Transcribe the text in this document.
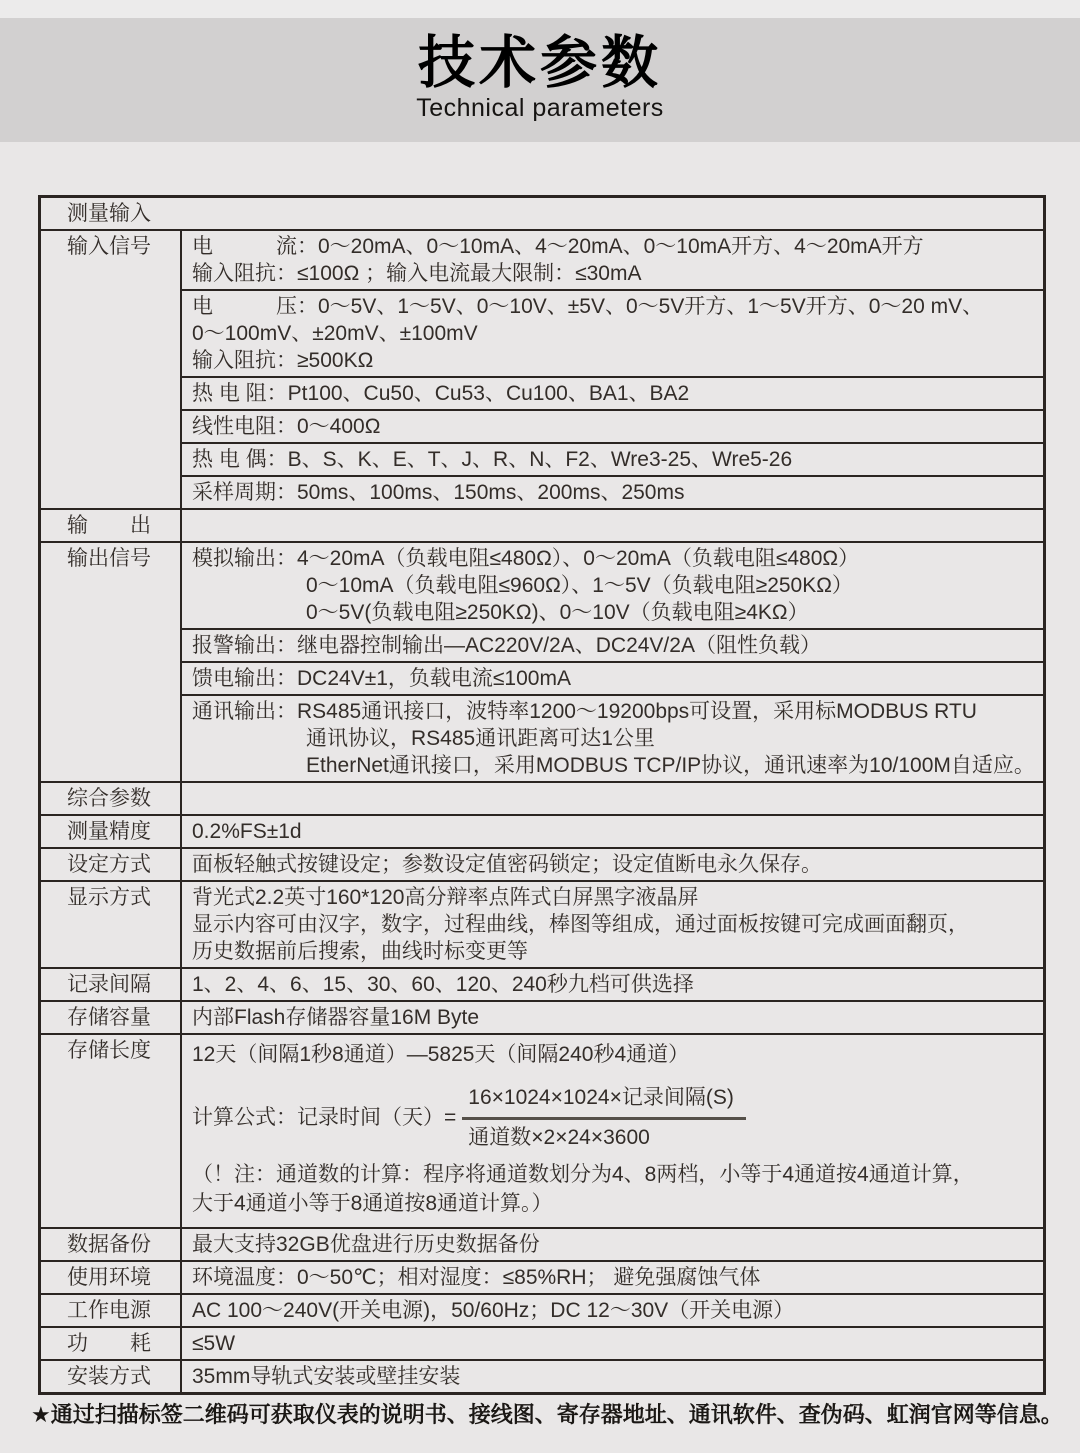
技术参数
Technical parameters
测量输入
输入信号	电　　　流：0～20mA、0～10mA、4～20mA、0～10mA开方、4～20mA开方
输入阻抗：≤100Ω ；输入电流最大限制：≤30mA
电　　　压：0～5V、1～5V、0～10V、±5V、0～5V开方、1～5V开方、0～20 mV、
0～100mV、±20mV、±100mV
输入阻抗：≥500KΩ
热 电 阻：Pt100、Cu50、Cu53、Cu100、BA1、BA2
线性电阻：0～400Ω
热 电 偶：B、S、K、E、T、J、R、N、F2、Wre3-25、Wre5-26
采样周期：50ms、100ms、150ms、200ms、250ms
输　　出
输出信号	模拟输出：4～20mA（负载电阻≤480Ω）、0～20mA（负载电阻≤480Ω）
0～10mA（负载电阻≤960Ω）、1～5V（负载电阻≥250KΩ）
0～5V(负载电阻≥250KΩ)、0～10V（负载电阻≥4KΩ）
报警输出：继电器控制输出—AC220V/2A、DC24V/2A（阻性负载）
馈电输出：DC24V±1，负载电流≤100mA
通讯输出：RS485通讯接口，波特率1200～19200bps可设置，采用标MODBUS RTU
通讯协议，RS485通讯距离可达1公里
EtherNet通讯接口，采用MODBUS TCP/IP协议，通讯速率为10/100M自适应。
综合参数
测量精度	0.2%FS±1d
设定方式	面板轻触式按键设定；参数设定值密码锁定；设定值断电永久保存。
显示方式	背光式2.2英寸160*120高分辩率点阵式白屏黑字液晶屏
显示内容可由汉字，数字，过程曲线，棒图等组成，通过面板按键可完成画面翻页，
历史数据前后搜索，曲线时标变更等
记录间隔	1、2、4、6、15、30、60、120、240秒九档可供选择
存储容量	内部Flash存储器容量16M Byte
存储长度	12天（间隔1秒8通道）—5825天（间隔240秒4通道）
计算公式：记录时间（天）= $\frac{\text{16×1024×1024×记录间隔(S)}}{\text{通道数×2×24×3600}}$
（！注：通道数的计算：程序将通道数划分为4、8两档，小等于4通道按4通道计算，
大于4通道小等于8通道按8通道计算。）
数据备份	最大支持32GB优盘进行历史数据备份
使用环境	环境温度：0～50℃；相对湿度：≤85%RH； 避免强腐蚀气体
工作电源	AC 100～240V(开关电源)，50/60Hz；DC 12～30V（开关电源）
功　　耗	≤5W
安装方式	35mm导轨式安装或壁挂安装
★通过扫描标签二维码可获取仪表的说明书、接线图、寄存器地址、通讯软件、查伪码、虹润官网等信息。
